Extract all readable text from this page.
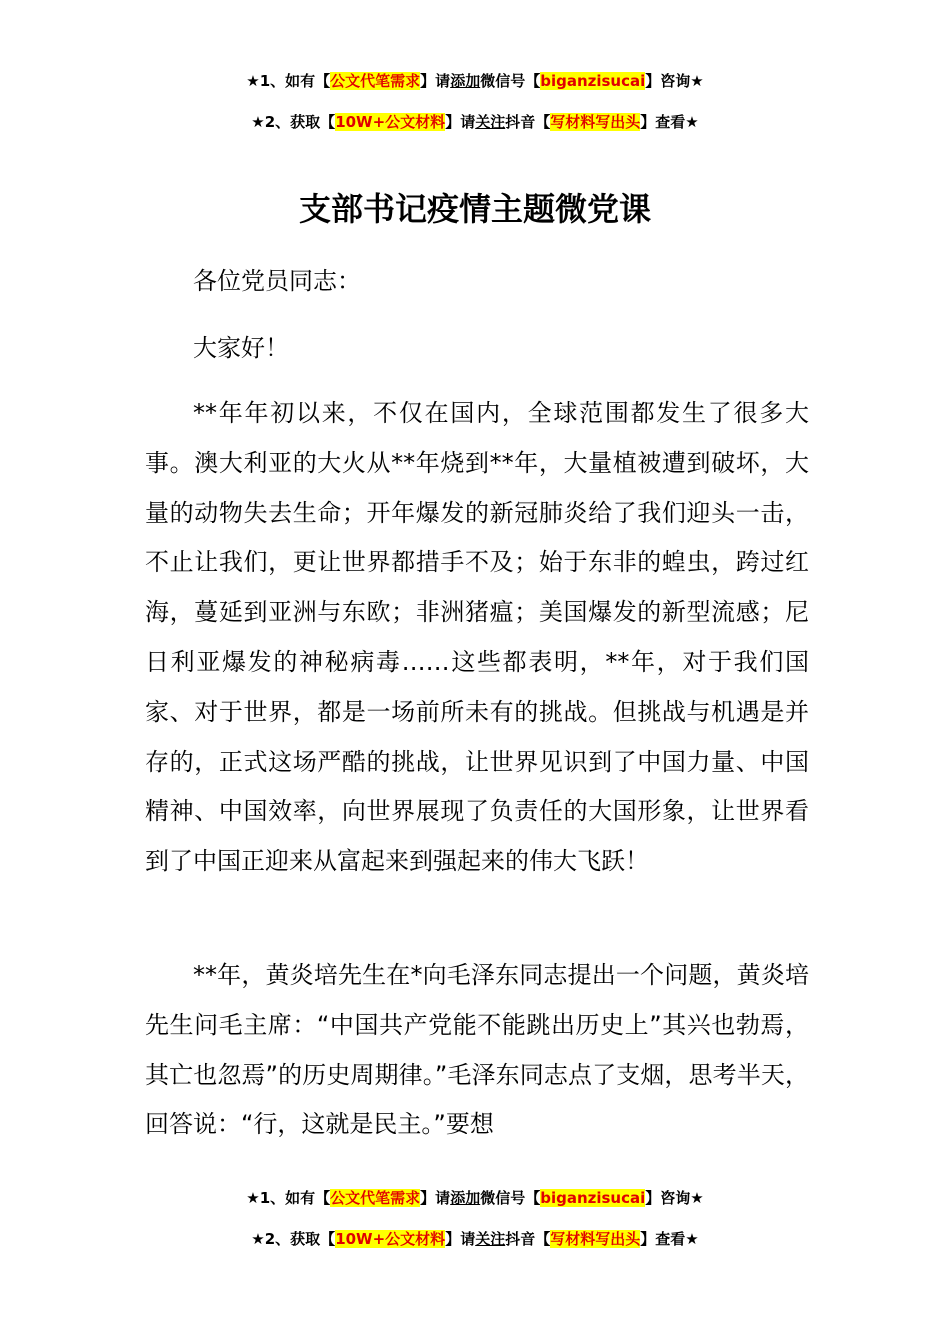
★1、如有【公文代笔需求】请添加微信号【biganzisucai】咨询★
★2、获取【10W+公文材料】请关注抖音【写材料写出头】查看★
支部书记疫情主题微党课

各位党员同志：

大家好！

**年年初以来，不仅在国内，全球范围都发生了很多大事。澳大利亚的大火从**年烧到**年，大量植被遭到破坏，大量的动物失去生命；开年爆发的新冠肺炎给了我们迎头一击，不止让我们，更让世界都措手不及；始于东非的蝗虫，跨过红海，蔓延到亚洲与东欧；非洲猪瘟；美国爆发的新型流感；尼日利亚爆发的神秘病毒……这些都表明，**年，对于我们国家、对于世界，都是一场前所未有的挑战。但挑战与机遇是并存的，正式这场严酷的挑战，让世界见识到了中国力量、中国精神、中国效率，向世界展现了负责任的大国形象，让世界看到了中国正迎来从富起来到强起来的伟大飞跃！

**年，黄炎培先生在*向毛泽东同志提出一个问题，黄炎培先生问毛主席：“中国共产党能不能跳出历史上”其兴也勃焉，其亡也忽焉”的历史周期律。”毛泽东同志点了支烟，思考半天，回答说：“行，这就是民主。”要想

★1、如有【公文代笔需求】请添加微信号【biganzisucai】咨询★
★2、获取【10W+公文材料】请关注抖音【写材料写出头】查看★
